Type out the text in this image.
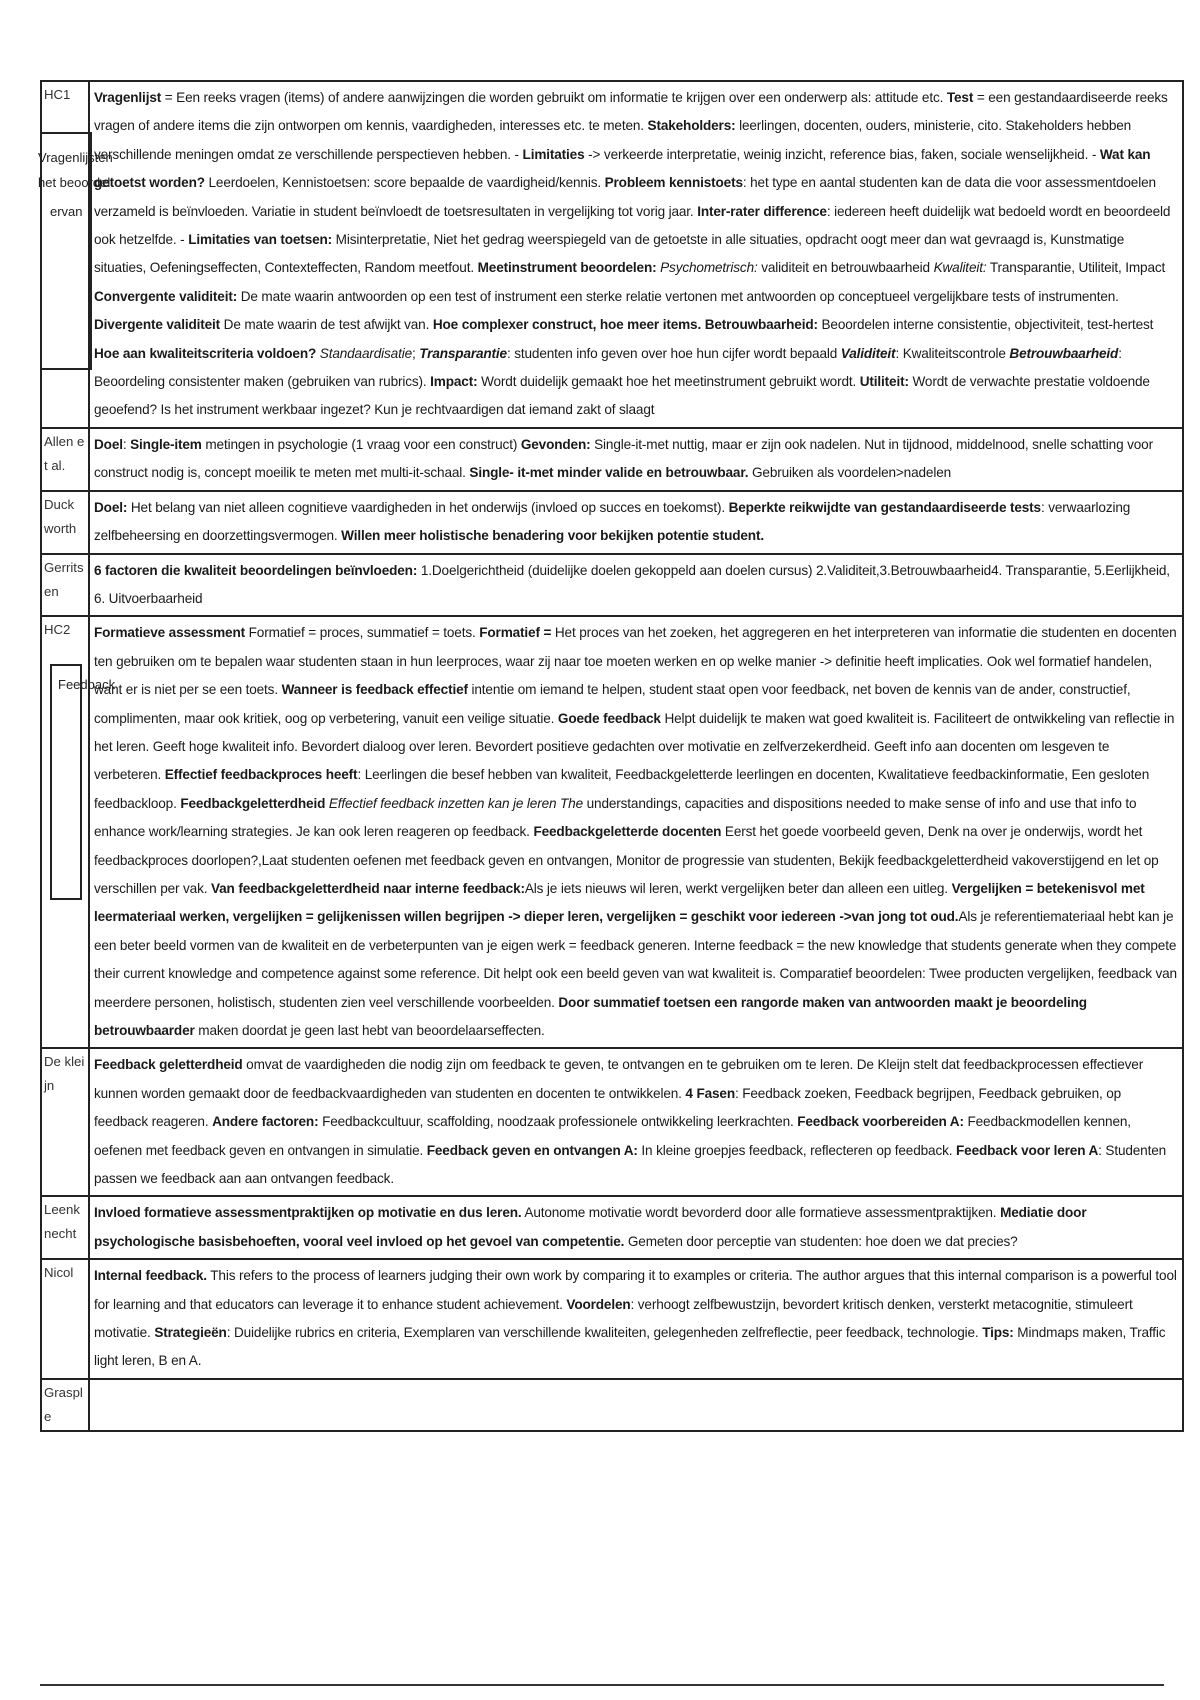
HC1	Vragenlijst = Een reeks vragen (items) of andere aanwijzingen die worden gebruikt om informatie te krijgen over een onderwerp als: attitude etc. Test = een gestandaardiseerde reeks vragen of andere items die zijn ontworpen om kennis, vaardigheden, interesses etc. te meten. Stakeholders: leerlingen, docenten, ouders, ministerie, cito. Stakeholders hebben verschillende meningen omdat ze verschillende perspectieven hebben. - Limitaties -> verkeerde interpretatie, weinig inzicht, reference bias, faken, sociale wenselijkheid. - Wat kan getoetst worden? Leerdoelen, Kennistoetsen: score bepaalde de vaardigheid/kennis. Probleem kennistoets: het type en aantal studenten kan de data die voor assessmentdoelen verzameld is beïnvloeden. Variatie in student beïnvloedt de toetsresultaten in vergelijking tot vorig jaar. Inter-rater difference: iedereen heeft duidelijk wat bedoeld wordt en beoordeeld ook hetzelfde. - Limitaties van toetsen: Misinterpretatie, Niet het gedrag weerspiegeld van de getoetste in alle situaties, opdracht oogt meer dan wat gevraagd is, Kunstmatige situaties, Oefeningseffecten, Contexteffecten, Random meetfout. Meetinstrument beoordelen: Psychometrisch: validiteit en betrouwbaarheid Kwaliteit: Transparantie, Utiliteit, Impact Convergente validiteit: De mate waarin antwoorden op een test of instrument een sterke relatie vertonen met antwoorden op conceptueel vergelijkbare tests of instrumenten. Divergente validiteit De mate waarin de test afwijkt van. Hoe complexer construct, hoe meer items. Betrouwbaarheid: Beoordelen interne consistentie, objectiviteit, test-hertest Hoe aan kwaliteitscriteria voldoen? Standaardisatie; Transparantie: studenten info geven over hoe hun cijfer wordt bepaald Validiteit: Kwaliteitscontrole Betrouwbaarheid: Beoordeling consistenter maken (gebruiken van rubrics). Impact: Wordt duidelijk gemaakt hoe het meetinstrument gebruikt wordt. Utiliteit: Wordt de verwachte prestatie voldoende geoefend? Is het instrument werkbaar ingezet? Kun je rechtvaardigen dat iemand zakt of slaagt
Allen et al.	Doel: Single-item metingen in psychologie (1 vraag voor een construct) Gevonden: Single-it-met nuttig, maar er zijn ook nadelen. Nut in tijdnood, middelnood, snelle schatting voor construct nodig is, concept moeilik te meten met multi-it-schaal. Single- it-met minder valide en betrouwbaar. Gebruiken als voordelen>nadelen
Duck worth	Doel: Het belang van niet alleen cognitieve vaardigheden in het onderwijs (invloed op succes en toekomst). Beperkte reikwijdte van gestandaardiseerde tests: verwaarlozing zelfbeheersing en doorzettingsvermogen. Willen meer holistische benadering voor bekijken potentie student.
Gerrits en	6 factoren die kwaliteit beoordelingen beïnvloeden: 1.Doelgerichtheid (duidelijke doelen gekoppeld aan doelen cursus) 2.Validiteit,3.Betrouwbaarheid4. Transparantie, 5.Eerlijkheid, 6. Uitvoerbaarheid
HC2	Formatieve assessment Formatief = proces, summatief = toets. Formatief = Het proces van het zoeken, het aggregeren en het interpreteren van informatie die studenten en docenten ten gebruiken om te bepalen waar studenten staan in hun leerproces, waar zij naar toe moeten werken en op welke manier -> definitie heeft implicaties. Ook wel formatief handelen, want er is niet per se een toets. Wanneer is feedback effectief intentie om iemand te helpen, student staat open voor feedback, net boven de kennis van de ander, constructief, complimenten, maar ook kritiek, oog op verbetering, vanuit een veilige situatie. Goede feedback Helpt duidelijk te maken wat goed kwaliteit is. Faciliteert de ontwikkeling van reflectie in het leren. Geeft hoge kwaliteit info. Bevordert dialoog over leren. Bevordert positieve gedachten over motivatie en zelfverzekerdheid. Geeft info aan docenten om lesgeven te verbeteren. Effectief feedbackproces heeft: Leerlingen die besef hebben van kwaliteit, Feedbackgeletterde leerlingen en docenten, Kwalitatieve feedbackinformatie, Een gesloten feedbackloop. Feedbackgeletterdheid Effectief feedback inzetten kan je leren The understandings, capacities and dispositions needed to make sense of info and use that info to enhance work/learning strategies. Je kan ook leren reageren op feedback. Feedbackgeletterde docenten Eerst het goede voorbeeld geven, Denk na over je onderwijs, wordt het feedbackproces doorlopen?,Laat studenten oefenen met feedback geven en ontvangen, Monitor de progressie van studenten, Bekijk feedbackgeletterdheid vakoverstijgend en let op verschillen per vak. Van feedbackgeletterdheid naar interne feedback:Als je iets nieuws wil leren, werkt vergelijken beter dan alleen een uitleg. Vergelijken = betekenisvol met leermateriaal werken, vergelijken = gelijkenissen willen begrijpen -> dieper leren, vergelijken = geschikt voor iedereen ->van jong tot oud.Als je referentiemateriaal hebt kan je een beter beeld vormen van de kwaliteit en de verbeterpunten van je eigen werk = feedback generen. Interne feedback = the new knowledge that students generate when they compete their current knowledge and competence against some reference. Dit helpt ook een beeld geven van wat kwaliteit is. Comparatief beoordelen: Twee producten vergelijken, feedback van meerdere personen, holistisch, studenten zien veel verschillende voorbeelden. Door summatief toetsen een rangorde maken van antwoorden maakt je beoordeling betrouwbaarder maken doordat je geen last hebt van beoordelaarseffecten.
De kleijn	Feedback geletterdheid omvat de vaardigheden die nodig zijn om feedback te geven, te ontvangen en te gebruiken om te leren. De Kleijn stelt dat feedbackprocessen effectiever kunnen worden gemaakt door de feedbackvaardigheden van studenten en docenten te ontwikkelen. 4 Fasen: Feedback zoeken, Feedback begrijpen, Feedback gebruiken, op feedback reageren. Andere factoren: Feedbackcultuur, scaffolding, noodzaak professionele ontwikkeling leerkrachten. Feedback voorbereiden A: Feedbackmodellen kennen, oefenen met feedback geven en ontvangen in simulatie. Feedback geven en ontvangen A: In kleine groepjes feedback, reflecteren op feedback. Feedback voor leren A: Studenten passen we feedback aan aan ontvangen feedback.
Leenk necht	Invloed formatieve assessmentpraktijken op motivatie en dus leren. Autonome motivatie wordt bevorderd door alle formatieve assessmentpraktijken. Mediatie door psychologische basisbehoeften, vooral veel invloed op het gevoel van competentie. Gemeten door perceptie van studenten: hoe doen we dat precies?
Nicol	Internal feedback. This refers to the process of learners judging their own work by comparing it to examples or criteria. The author argues that this internal comparison is a powerful tool for learning and that educators can leverage it to enhance student achievement. Voordelen: verhoogt zelfbewustzijn, bevordert kritisch denken, versterkt metacognitie, stimuleert motivatie. Strategieën: Duidelijke rubrics en criteria, Exemplaren van verschillende kwaliteiten, gelegenheden zelfreflectie, peer feedback, technologie. Tips: Mindmaps maken, Traffic light leren, B en A.
Graspl e	
Vragenlijsten
het beoordel
ervan
Feedback
